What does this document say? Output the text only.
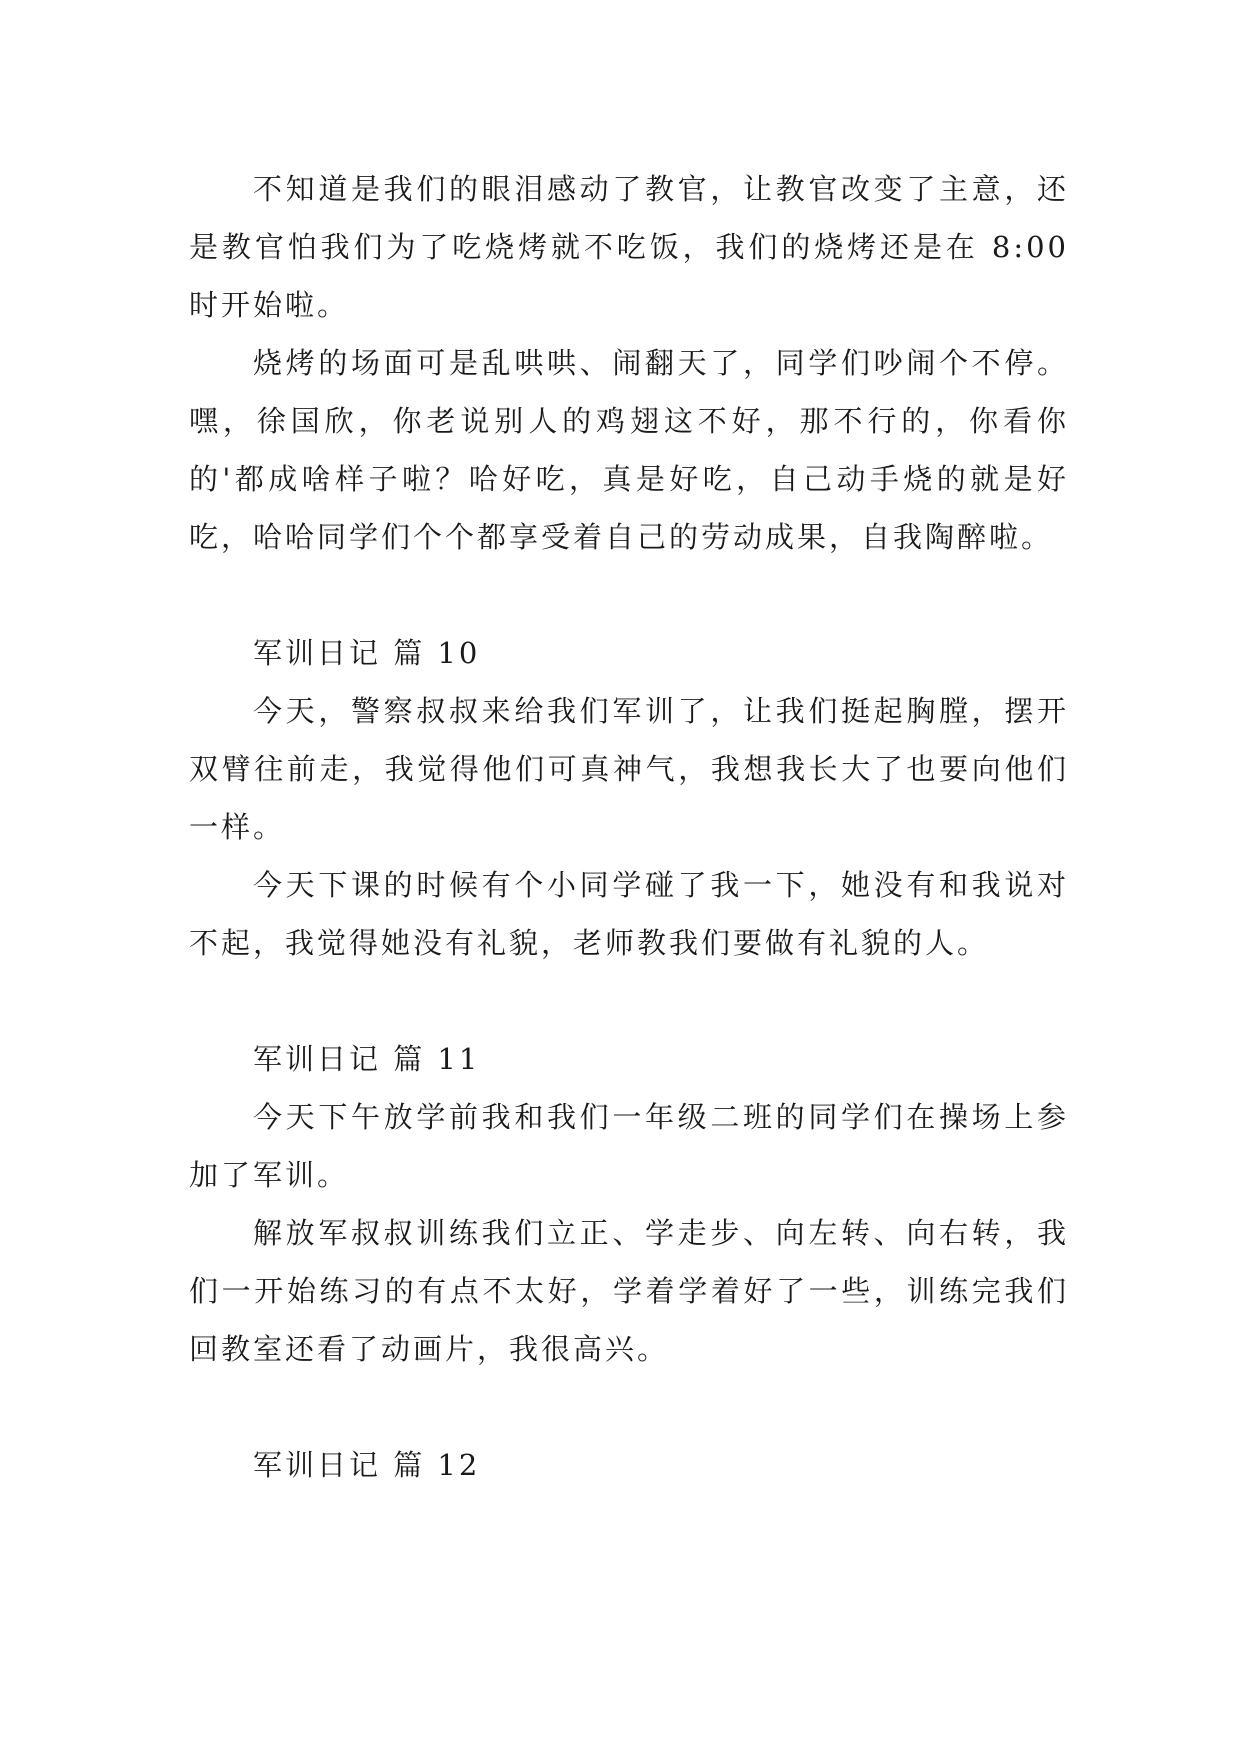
不知道是我们的眼泪感动了教官，让教官改变了主意，还是教官怕我们为了吃烧烤就不吃饭，我们的烧烤还是在 8:00 时开始啦。

烧烤的场面可是乱哄哄、闹翻天了，同学们吵闹个不停。嘿，徐国欣，你老说别人的鸡翅这不好，那不行的，你看你的'都成啥样子啦？哈好吃，真是好吃，自己动手烧的就是好吃，哈哈同学们个个都享受着自己的劳动成果，自我陶醉啦。

军训日记 篇 10

今天，警察叔叔来给我们军训了，让我们挺起胸膛，摆开双臂往前走，我觉得他们可真神气，我想我长大了也要向他们一样。

今天下课的时候有个小同学碰了我一下，她没有和我说对不起，我觉得她没有礼貌，老师教我们要做有礼貌的人。

军训日记 篇 11

今天下午放学前我和我们一年级二班的同学们在操场上参加了军训。

解放军叔叔训练我们立正、学走步、向左转、向右转，我们一开始练习的有点不太好，学着学着好了一些，训练完我们回教室还看了动画片，我很高兴。

军训日记 篇 12
